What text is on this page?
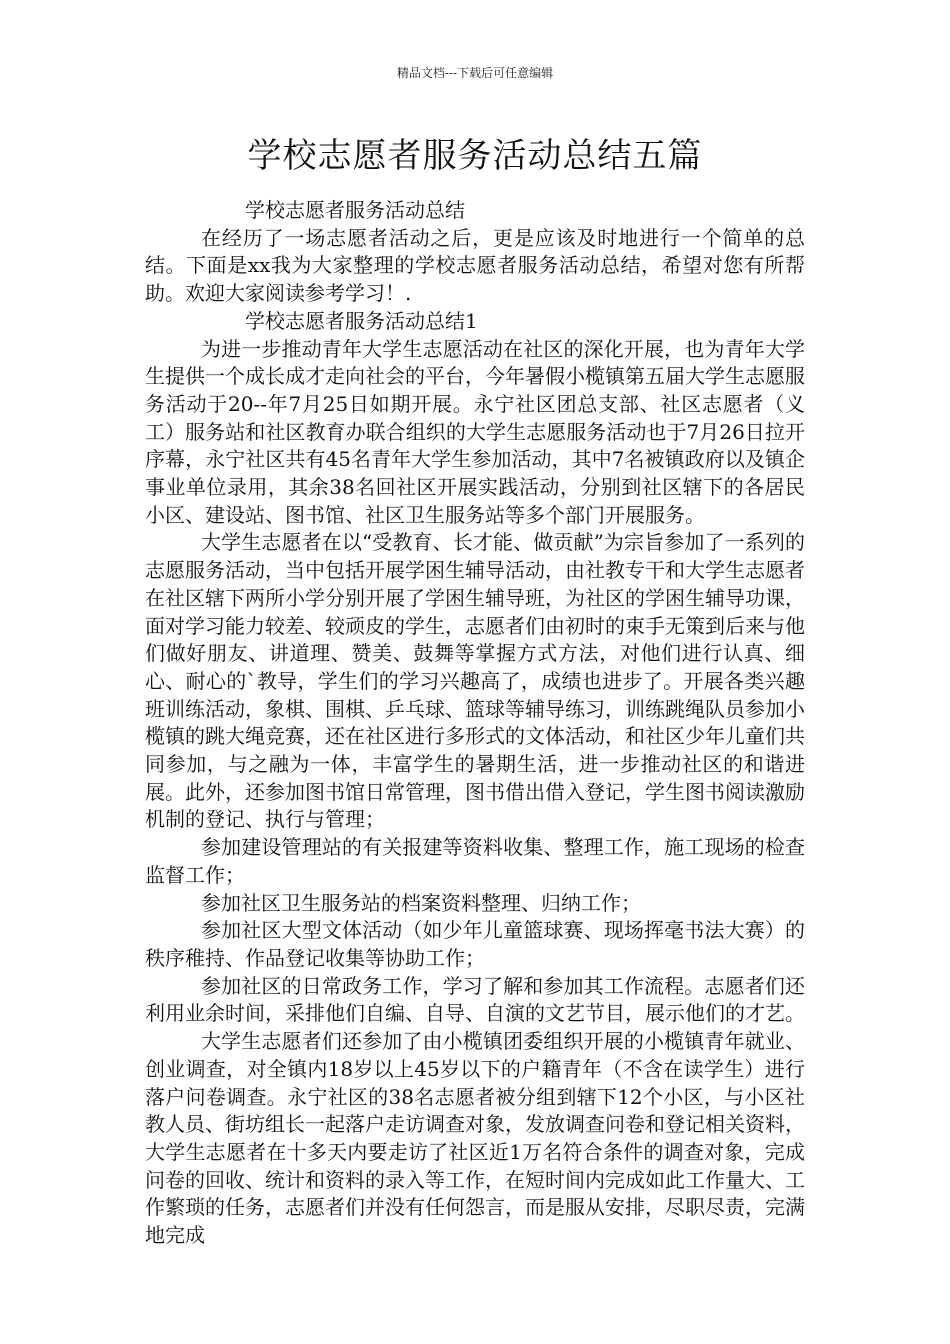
精品文档---下载后可任意编辑
学校志愿者服务活动总结五篇

学校志愿者服务活动总结

在经历了一场志愿者活动之后，更是应该及时地进行一个简单的总结。下面是xx我为大家整理的学校志愿者服务活动总结，希望对您有所帮助。欢迎大家阅读参考学习！.

学校志愿者服务活动总结1

为进一步推动青年大学生志愿活动在社区的深化开展，也为青年大学生提供一个成长成才走向社会的平台，今年暑假小榄镇第五届大学生志愿服务活动于20--年7月25日如期开展。永宁社区团总支部、社区志愿者（义工）服务站和社区教育办联合组织的大学生志愿服务活动也于7月26日拉开序幕，永宁社区共有45名青年大学生参加活动，其中7名被镇政府以及镇企事业单位录用，其余38名回社区开展实践活动，分别到社区辖下的各居民小区、建设站、图书馆、社区卫生服务站等多个部门开展服务。

大学生志愿者在以“受教育、长才能、做贡献”为宗旨参加了一系列的志愿服务活动，当中包括开展学困生辅导活动，由社教专干和大学生志愿者在社区辖下两所小学分别开展了学困生辅导班，为社区的学困生辅导功课，面对学习能力较差、较顽皮的学生，志愿者们由初时的束手无策到后来与他们做好朋友、讲道理、赞美、鼓舞等掌握方式方法，对他们进行认真、细心、耐心的`教导，学生们的学习兴趣高了，成绩也进步了。开展各类兴趣班训练活动，象棋、围棋、乒乓球、篮球等辅导练习，训练跳绳队员参加小榄镇的跳大绳竞赛，还在社区进行多形式的文体活动，和社区少年儿童们共同参加，与之融为一体，丰富学生的暑期生活，进一步推动社区的和谐进展。此外，还参加图书馆日常管理，图书借出借入登记，学生图书阅读激励机制的登记、执行与管理；

参加建设管理站的有关报建等资料收集、整理工作，施工现场的检查监督工作；

参加社区卫生服务站的档案资料整理、归纳工作；

参加社区大型文体活动（如少年儿童篮球赛、现场挥毫书法大赛）的秩序稚持、作品登记收集等协助工作；

参加社区的日常政务工作，学习了解和参加其工作流程。志愿者们还利用业余时间，采排他们自编、自导、自演的文艺节目，展示他们的才艺。

大学生志愿者们还参加了由小榄镇团委组织开展的小榄镇青年就业、创业调查，对全镇内18岁以上45岁以下的户籍青年（不含在读学生）进行落户问卷调查。永宁社区的38名志愿者被分组到辖下12个小区，与小区社教人员、街坊组长一起落户走访调查对象，发放调查问卷和登记相关资料，大学生志愿者在十多天内要走访了社区近1万名符合条件的调查对象，完成问卷的回收、统计和资料的录入等工作，在短时间内完成如此工作量大、工作繁琐的任务，志愿者们并没有任何怨言，而是服从安排，尽职尽责，完满地完成
